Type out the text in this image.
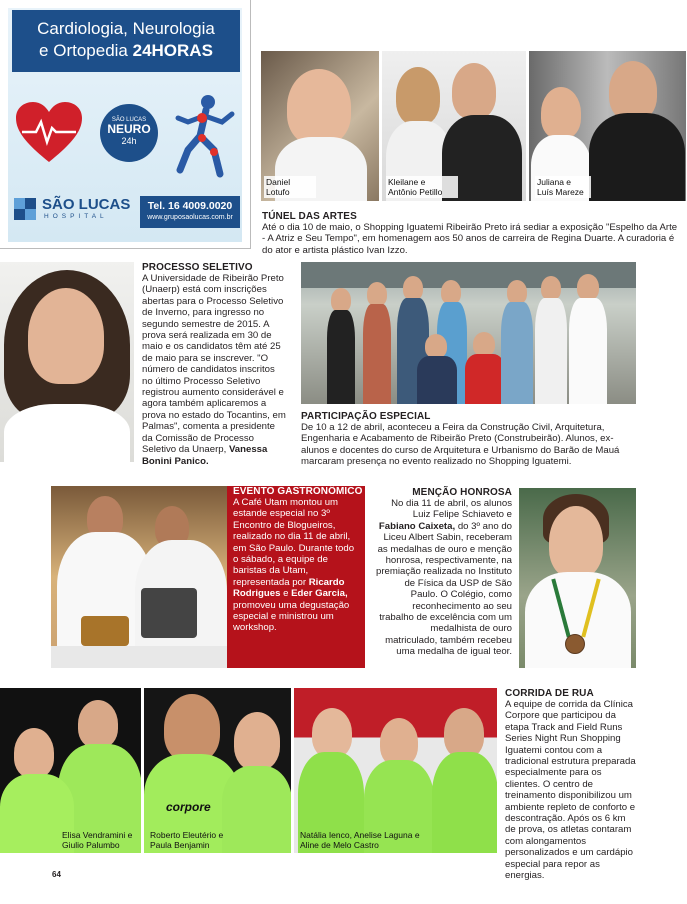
Cardiologia, Neurologia
e Ortopedia 24HORAS
SÃO LUCAS
NEURO
24h
SÃO LUCAS
HOSPITAL
Tel. 16 4009.0020
www.gruposaolucas.com.br
Daniel Lotufo
Kleilane e Antônio Petillo
Juliana e Luís Mareze
TÚNEL DAS ARTES
Até o dia 10 de maio, o Shopping Iguatemi Ribeirão Preto irá sediar a exposição "Espelho da Arte - A Atriz e Seu Tempo", em homenagem aos 50 anos de carreira de Regina Duarte. A curadoria é do ator e artista plástico Ivan Izzo.
PROCESSO SELETIVO
A Universidade de Ribeirão Preto (Unaerp) está com inscrições abertas para o Processo Seletivo de Inverno, para ingresso no segundo semestre de 2015. A prova será realizada em 30 de maio e os candidatos têm até 25 de maio para se inscrever. "O número de candidatos inscritos no último Processo Seletivo registrou aumento considerável e agora também aplicaremos a prova no estado do Tocantins, em Palmas", comenta a presidente da Comissão de Processo Seletivo da Unaerp, Vanessa Bonini Panico.
PARTICIPAÇÃO ESPECIAL
De 10 a 12 de abril, aconteceu a Feira da Construção Civil, Arquitetura, Engenharia e Acabamento de Ribeirão Preto (Construbeirão). Alunos, ex-alunos e docentes do curso de Arquitetura e Urbanismo do Barão de Mauá marcaram presença no evento realizado no Shopping Iguatemi.
EVENTO GASTRONÔMICO
A Café Utam montou um estande especial no 3º Encontro de Blogueiros, realizado no dia 11 de abril, em São Paulo. Durante todo o sábado, a equipe de baristas da Utam, representada por Ricardo Rodrigues e Eder Garcia, promoveu uma degustação especial e ministrou um workshop.
MENÇÃO HONROSA
No dia 11 de abril, os alunos Luiz Felipe Schiaveto e Fabiano Caixeta, do 3º ano do Liceu Albert Sabin, receberam as medalhas de ouro e menção honrosa, respectivamente, na premiação realizada no Instituto de Física da USP de São Paulo. O Colégio, como reconhecimento ao seu trabalho de excelência com um medalhista de ouro matriculado, também recebeu uma medalha de igual teor.
Elisa Vendramini e Giulio Palumbo
corpore
Roberto Eleutério e Paula Benjamin
Natália Ienco, Anelise Laguna e Aline de Melo Castro
CORRIDA DE RUA
A equipe de corrida da Clínica Corpore que participou da etapa Track and Field Runs Series Night Run Shopping Iguatemi contou com a tradicional estrutura preparada especialmente para os clientes. O centro de treinamento disponibilizou um ambiente repleto de conforto e descontração. Após os 6 km de prova, os atletas contaram com alongamentos personalizados e um cardápio especial para repor as energias.
64
